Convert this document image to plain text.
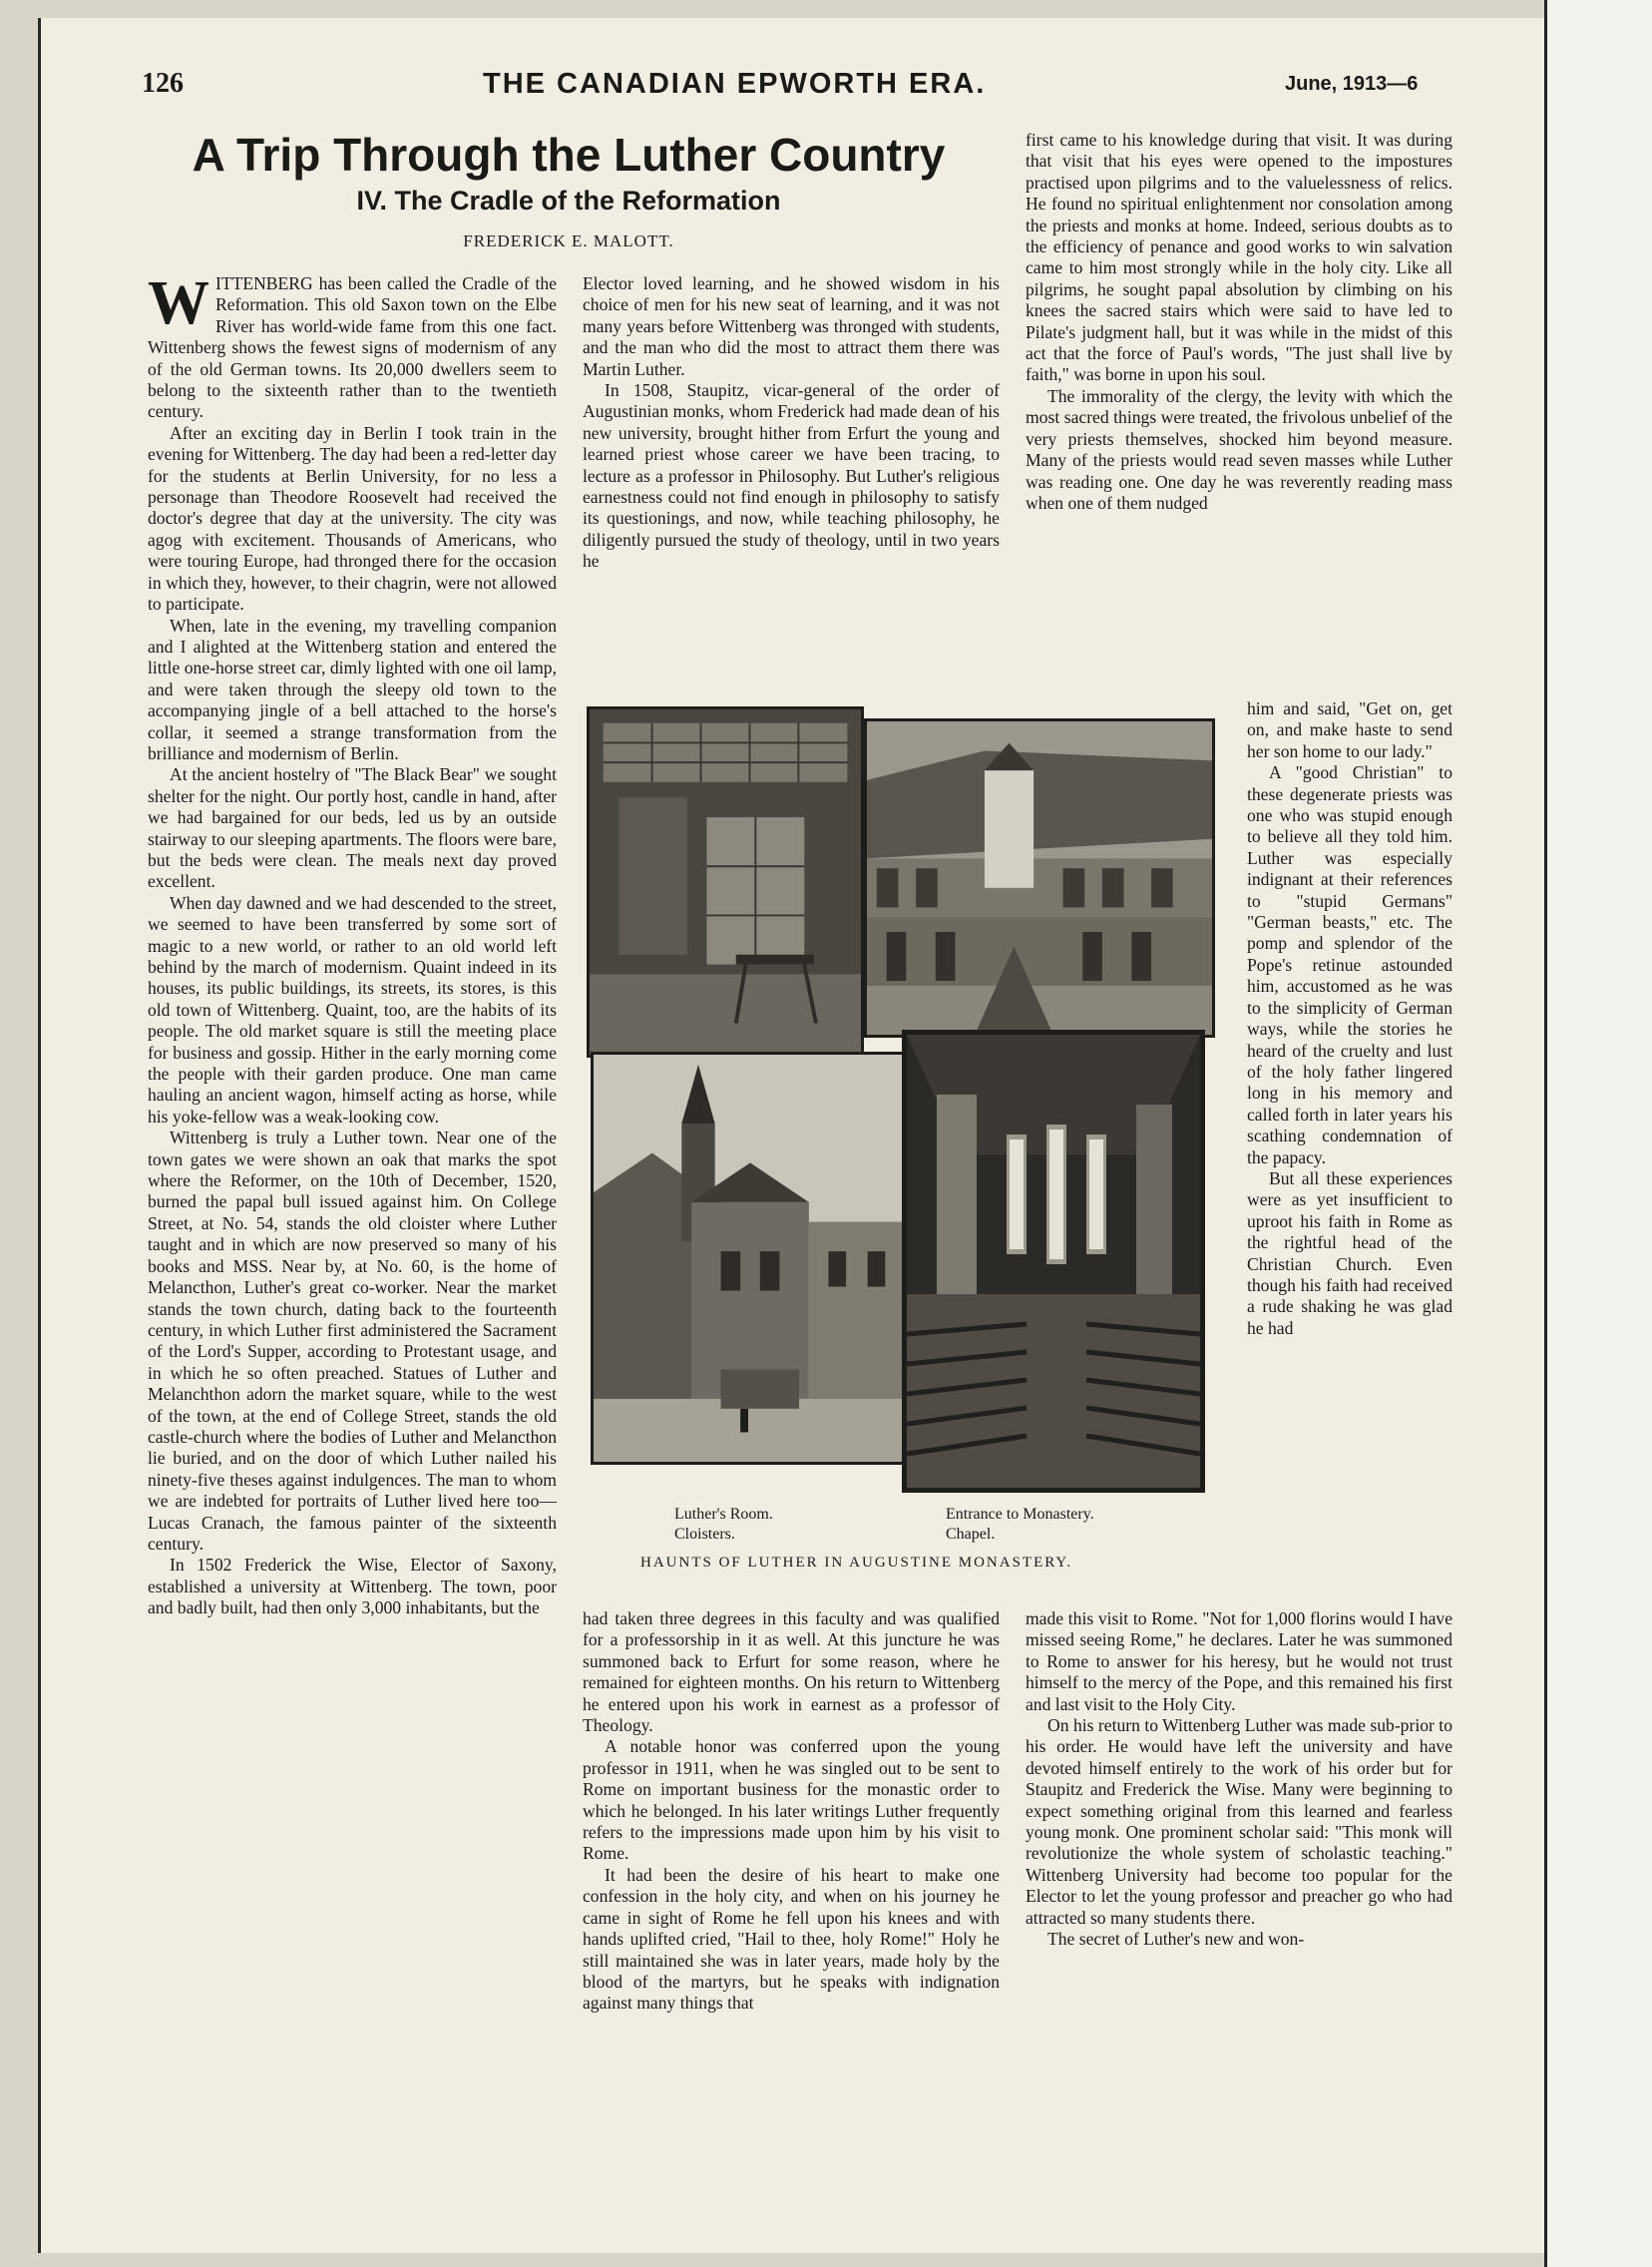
126	THE CANADIAN EPWORTH ERA.	June, 1913—6
A Trip Through the Luther Country
IV. The Cradle of the Reformation
FREDERICK E. MALOTT.

WITTENBERG has been called the Cradle of the Reformation. This old Saxon town on the Elbe River has world-wide fame from this one fact. Wittenberg shows the fewest signs of modernism of any of the old German towns. Its 20,000 dwellers seem to belong to the sixteenth rather than to the twentieth century.

After an exciting day in Berlin I took train in the evening for Wittenberg. The day had been a red-letter day for the students at Berlin University, for no less a personage than Theodore Roosevelt had received the doctor's degree that day at the university. The city was agog with excitement. Thousands of Americans, who were touring Europe, had thronged there for the occasion in which they, however, to their chagrin, were not allowed to participate.

When, late in the evening, my travelling companion and I alighted at the Wittenberg station and entered the little one-horse street car, dimly lighted with one oil lamp, and were taken through the sleepy old town to the accompanying jingle of a bell attached to the horse's collar, it seemed a strange transformation from the brilliance and modernism of Berlin.

At the ancient hostelry of "The Black Bear" we sought shelter for the night. Our portly host, candle in hand, after we had bargained for our beds, led us by an outside stairway to our sleeping apartments. The floors were bare, but the beds were clean. The meals next day proved excellent.

When day dawned and we had descended to the street, we seemed to have been transferred by some sort of magic to a new world, or rather to an old world left behind by the march of modernism. Quaint indeed in its houses, its public buildings, its streets, its stores, is this old town of Wittenberg. Quaint, too, are the habits of its people. The old market square is still the meeting place for business and gossip. Hither in the early morning come the people with their garden produce. One man came hauling an ancient wagon, himself acting as horse, while his yoke-fellow was a weak-looking cow.

Wittenberg is truly a Luther town. Near one of the town gates we were shown an oak that marks the spot where the Reformer, on the 10th of December, 1520, burned the papal bull issued against him. On College Street, at No. 54, stands the old cloister where Luther taught and in which are now preserved so many of his books and MSS. Near by, at No. 60, is the home of Melancthon, Luther's great co-worker. Near the market stands the town church, dating back to the fourteenth century, in which Luther first administered the Sacrament of the Lord's Supper, according to Protestant usage, and in which he so often preached. Statues of Luther and Melanchthon adorn the market square, while to the west of the town, at the end of College Street, stands the old castle-church where the bodies of Luther and Melancthon lie buried, and on the door of which Luther nailed his ninety-five theses against indulgences. The man to whom we are indebted for portraits of Luther lived here too—Lucas Cranach, the famous painter of the sixteenth century.

In 1502 Frederick the Wise, Elector of Saxony, established a university at Wittenberg. The town, poor and badly built, had then only 3,000 inhabitants, but the

Elector loved learning, and he showed wisdom in his choice of men for his new seat of learning, and it was not many years before Wittenberg was thronged with students, and the man who did the most to attract them there was Martin Luther.

In 1508, Staupitz, vicar-general of the order of Augustinian monks, whom Frederick had made dean of his new university, brought hither from Erfurt the young and learned priest whose career we have been tracing, to lecture as a professor in Philosophy. But Luther's religious earnestness could not find enough in philosophy to satisfy its questionings, and now, while teaching philosophy, he diligently pursued the study of theology, until in two years he

first came to his knowledge during that visit. It was during that visit that his eyes were opened to the impostures practised upon pilgrims and to the valuelessness of relics. He found no spiritual enlightenment nor consolation among the priests and monks at home. Indeed, serious doubts as to the efficiency of penance and good works to win salvation came to him most strongly while in the holy city. Like all pilgrims, he sought papal absolution by climbing on his knees the sacred stairs which were said to have led to Pilate's judgment hall, but it was while in the midst of this act that the force of Paul's words, "The just shall live by faith," was borne in upon his soul.

The immorality of the clergy, the levity with which the most sacred things were treated, the frivolous unbelief of the very priests themselves, shocked him beyond measure. Many of the priests would read seven masses while Luther was reading one. One day he was reverently reading mass when one of them nudged

him and said, "Get on, get on, and make haste to send her son home to our lady."

A "good Christian" to these degenerate priests was one who was stupid enough to believe all they told him. Luther was especially indignant at their references to "stupid Germans" "German beasts," etc. The pomp and splendor of the Pope's retinue astounded him, accustomed as he was to the simplicity of German ways, while the stories he heard of the cruelty and lust of the holy father lingered long in his memory and called forth in later years his scathing condemnation of the papacy.

But all these experiences were as yet insufficient to uproot his faith in Rome as the rightful head of the Christian Church. Even though his faith had received a rude shaking he was glad he had

Luther's Room.
Cloisters.
Entrance to Monastery.
Chapel.
HAUNTS OF LUTHER IN AUGUSTINE MONASTERY.

had taken three degrees in this faculty and was qualified for a professorship in it as well. At this juncture he was summoned back to Erfurt for some reason, where he remained for eighteen months. On his return to Wittenberg he entered upon his work in earnest as a professor of Theology.

A notable honor was conferred upon the young professor in 1911, when he was singled out to be sent to Rome on important business for the monastic order to which he belonged. In his later writings Luther frequently refers to the impressions made upon him by his visit to Rome.

It had been the desire of his heart to make one confession in the holy city, and when on his journey he came in sight of Rome he fell upon his knees and with hands uplifted cried, "Hail to thee, holy Rome!" Holy he still maintained she was in later years, made holy by the blood of the martyrs, but he speaks with indignation against many things that

made this visit to Rome. "Not for 1,000 florins would I have missed seeing Rome," he declares. Later he was summoned to Rome to answer for his heresy, but he would not trust himself to the mercy of the Pope, and this remained his first and last visit to the Holy City.

On his return to Wittenberg Luther was made sub-prior to his order. He would have left the university and have devoted himself entirely to the work of his order but for Staupitz and Frederick the Wise. Many were beginning to expect something original from this learned and fearless young monk. One prominent scholar said: "This monk will revolutionize the whole system of scholastic teaching." Wittenberg University had become too popular for the Elector to let the young professor and preacher go who had attracted so many students there.

The secret of Luther's new and won-
